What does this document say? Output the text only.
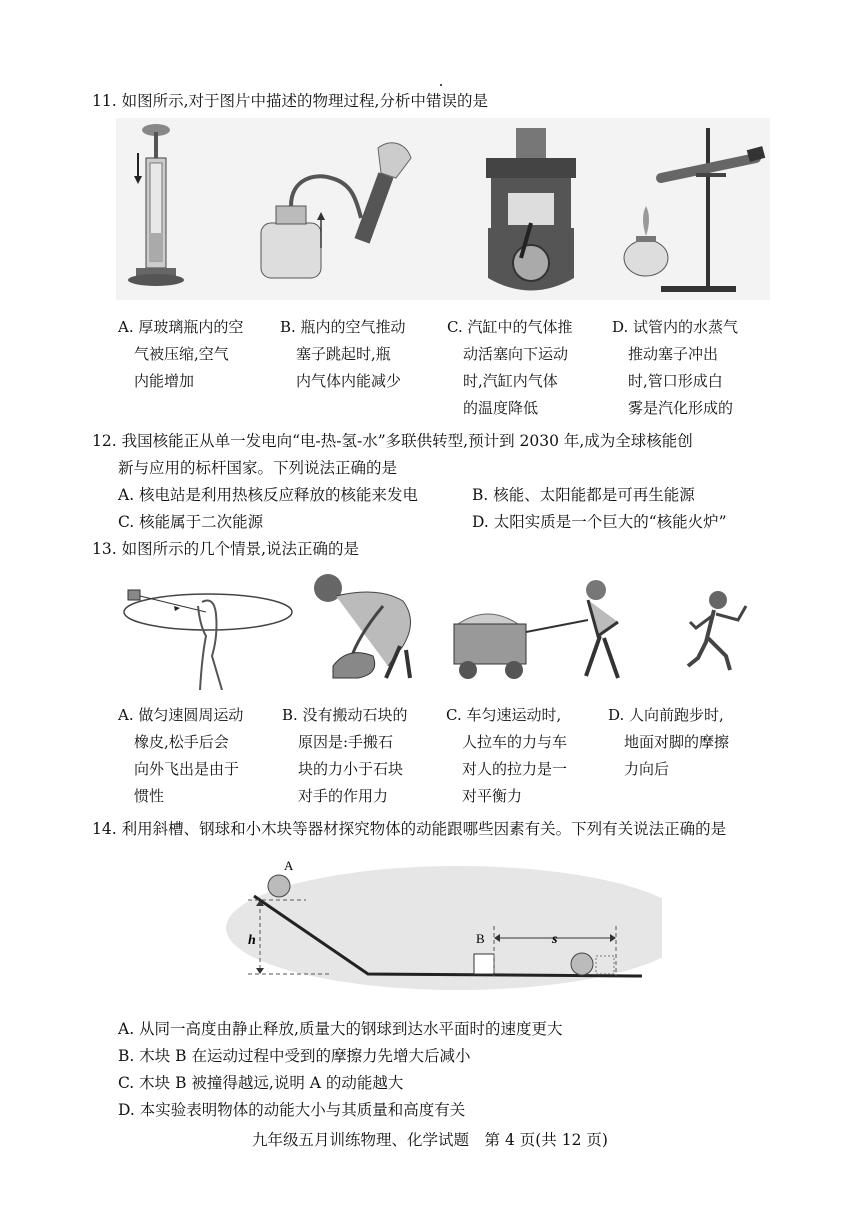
11. 如图所示,对于图片中描述的物理过程,分析中错误的是
A. 厚玻璃瓶内的空
气被压缩,空气
内能增加
B. 瓶内的空气推动
塞子跳起时,瓶
内气体内能减少
C. 汽缸中的气体推
动活塞向下运动
时,汽缸内气体
的温度降低
D. 试管内的水蒸气
推动塞子冲出
时,管口形成白
雾是汽化形成的
12. 我国核能正从单一发电向“电-热-氢-水”多联供转型,预计到 2030 年,成为全球核能创
新与应用的标杆国家。下列说法正确的是
A. 核电站是利用热核反应释放的核能来发电	B. 核能、太阳能都是可再生能源
C. 核能属于二次能源	D. 太阳实质是一个巨大的“核能火炉”
13. 如图所示的几个情景,说法正确的是
A. 做匀速圆周运动
橡皮,松手后会
向外飞出是由于
惯性
B. 没有搬动石块的
原因是:手搬石
块的力小于石块
对手的作用力
C. 车匀速运动时,
人拉车的力与车
对人的拉力是一
对平衡力
D. 人向前跑步时,
地面对脚的摩擦
力向后
14. 利用斜槽、钢球和小木块等器材探究物体的动能跟哪些因素有关。下列有关说法正确的是
A
h	B	s
A. 从同一高度由静止释放,质量大的钢球到达水平面时的速度更大
B. 木块 B 在运动过程中受到的摩擦力先增大后减小
C. 木块 B 被撞得越远,说明 A 的动能越大
D. 本实验表明物体的动能大小与其质量和高度有关
九年级五月训练物理、化学试题　第 4 页(共 12 页)
